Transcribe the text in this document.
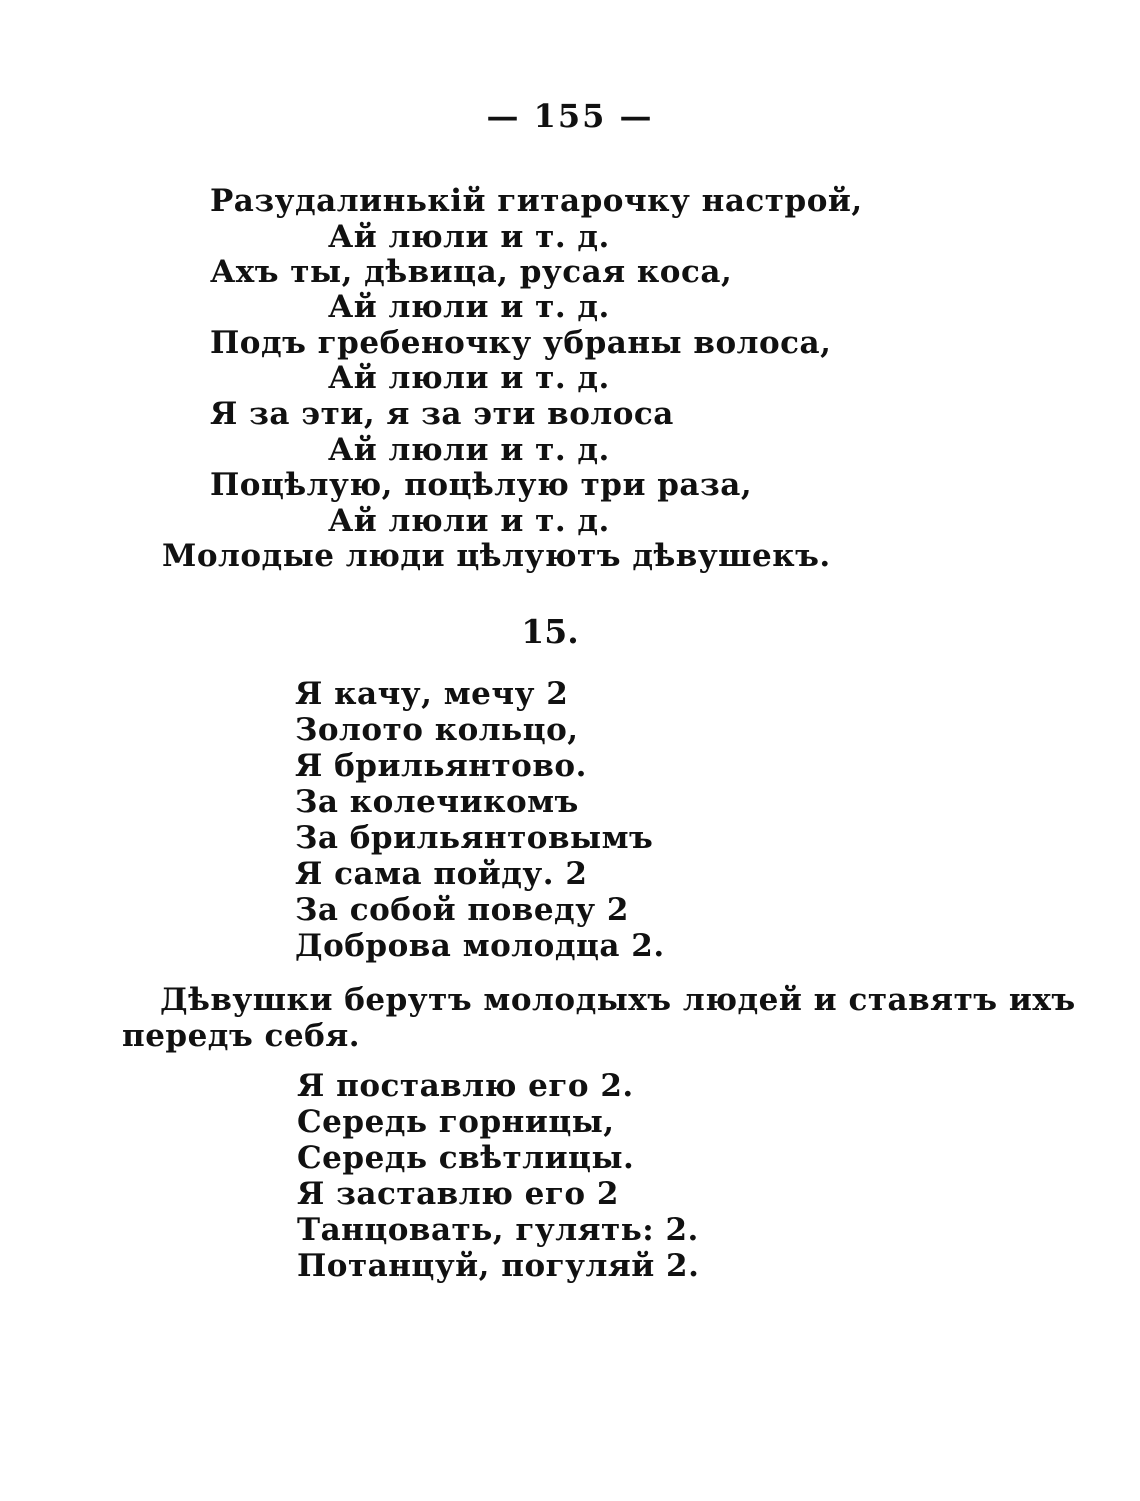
— 155 —
Разудалинькій гитарочку настрой,
Ай люли и т. д.
Ахъ ты, дѣвица, русая коса,
Ай люли и т. д.
Подъ гребеночку убраны волоса,
Ай люли и т. д.
Я за эти, я за эти волоса
Ай люли и т. д.
Поцѣлую, поцѣлую три раза,
Ай люли и т. д.
Молодые люди цѣлуютъ дѣвушекъ.
15.
Я качу, мечу 2
Золото кольцо,
Я брильянтово.
За колечикомъ
За брильянтовымъ
Я сама пойду. 2
За собой поведу 2
Доброва молодца 2.
Дѣвушки берутъ молодыхъ людей и ставятъ ихъ
передъ себя.
Я поставлю его 2.
Середь горницы,
Середь свѣтлицы.
Я заставлю его 2
Танцовать, гулять: 2.
Потанцуй, погуляй 2.
